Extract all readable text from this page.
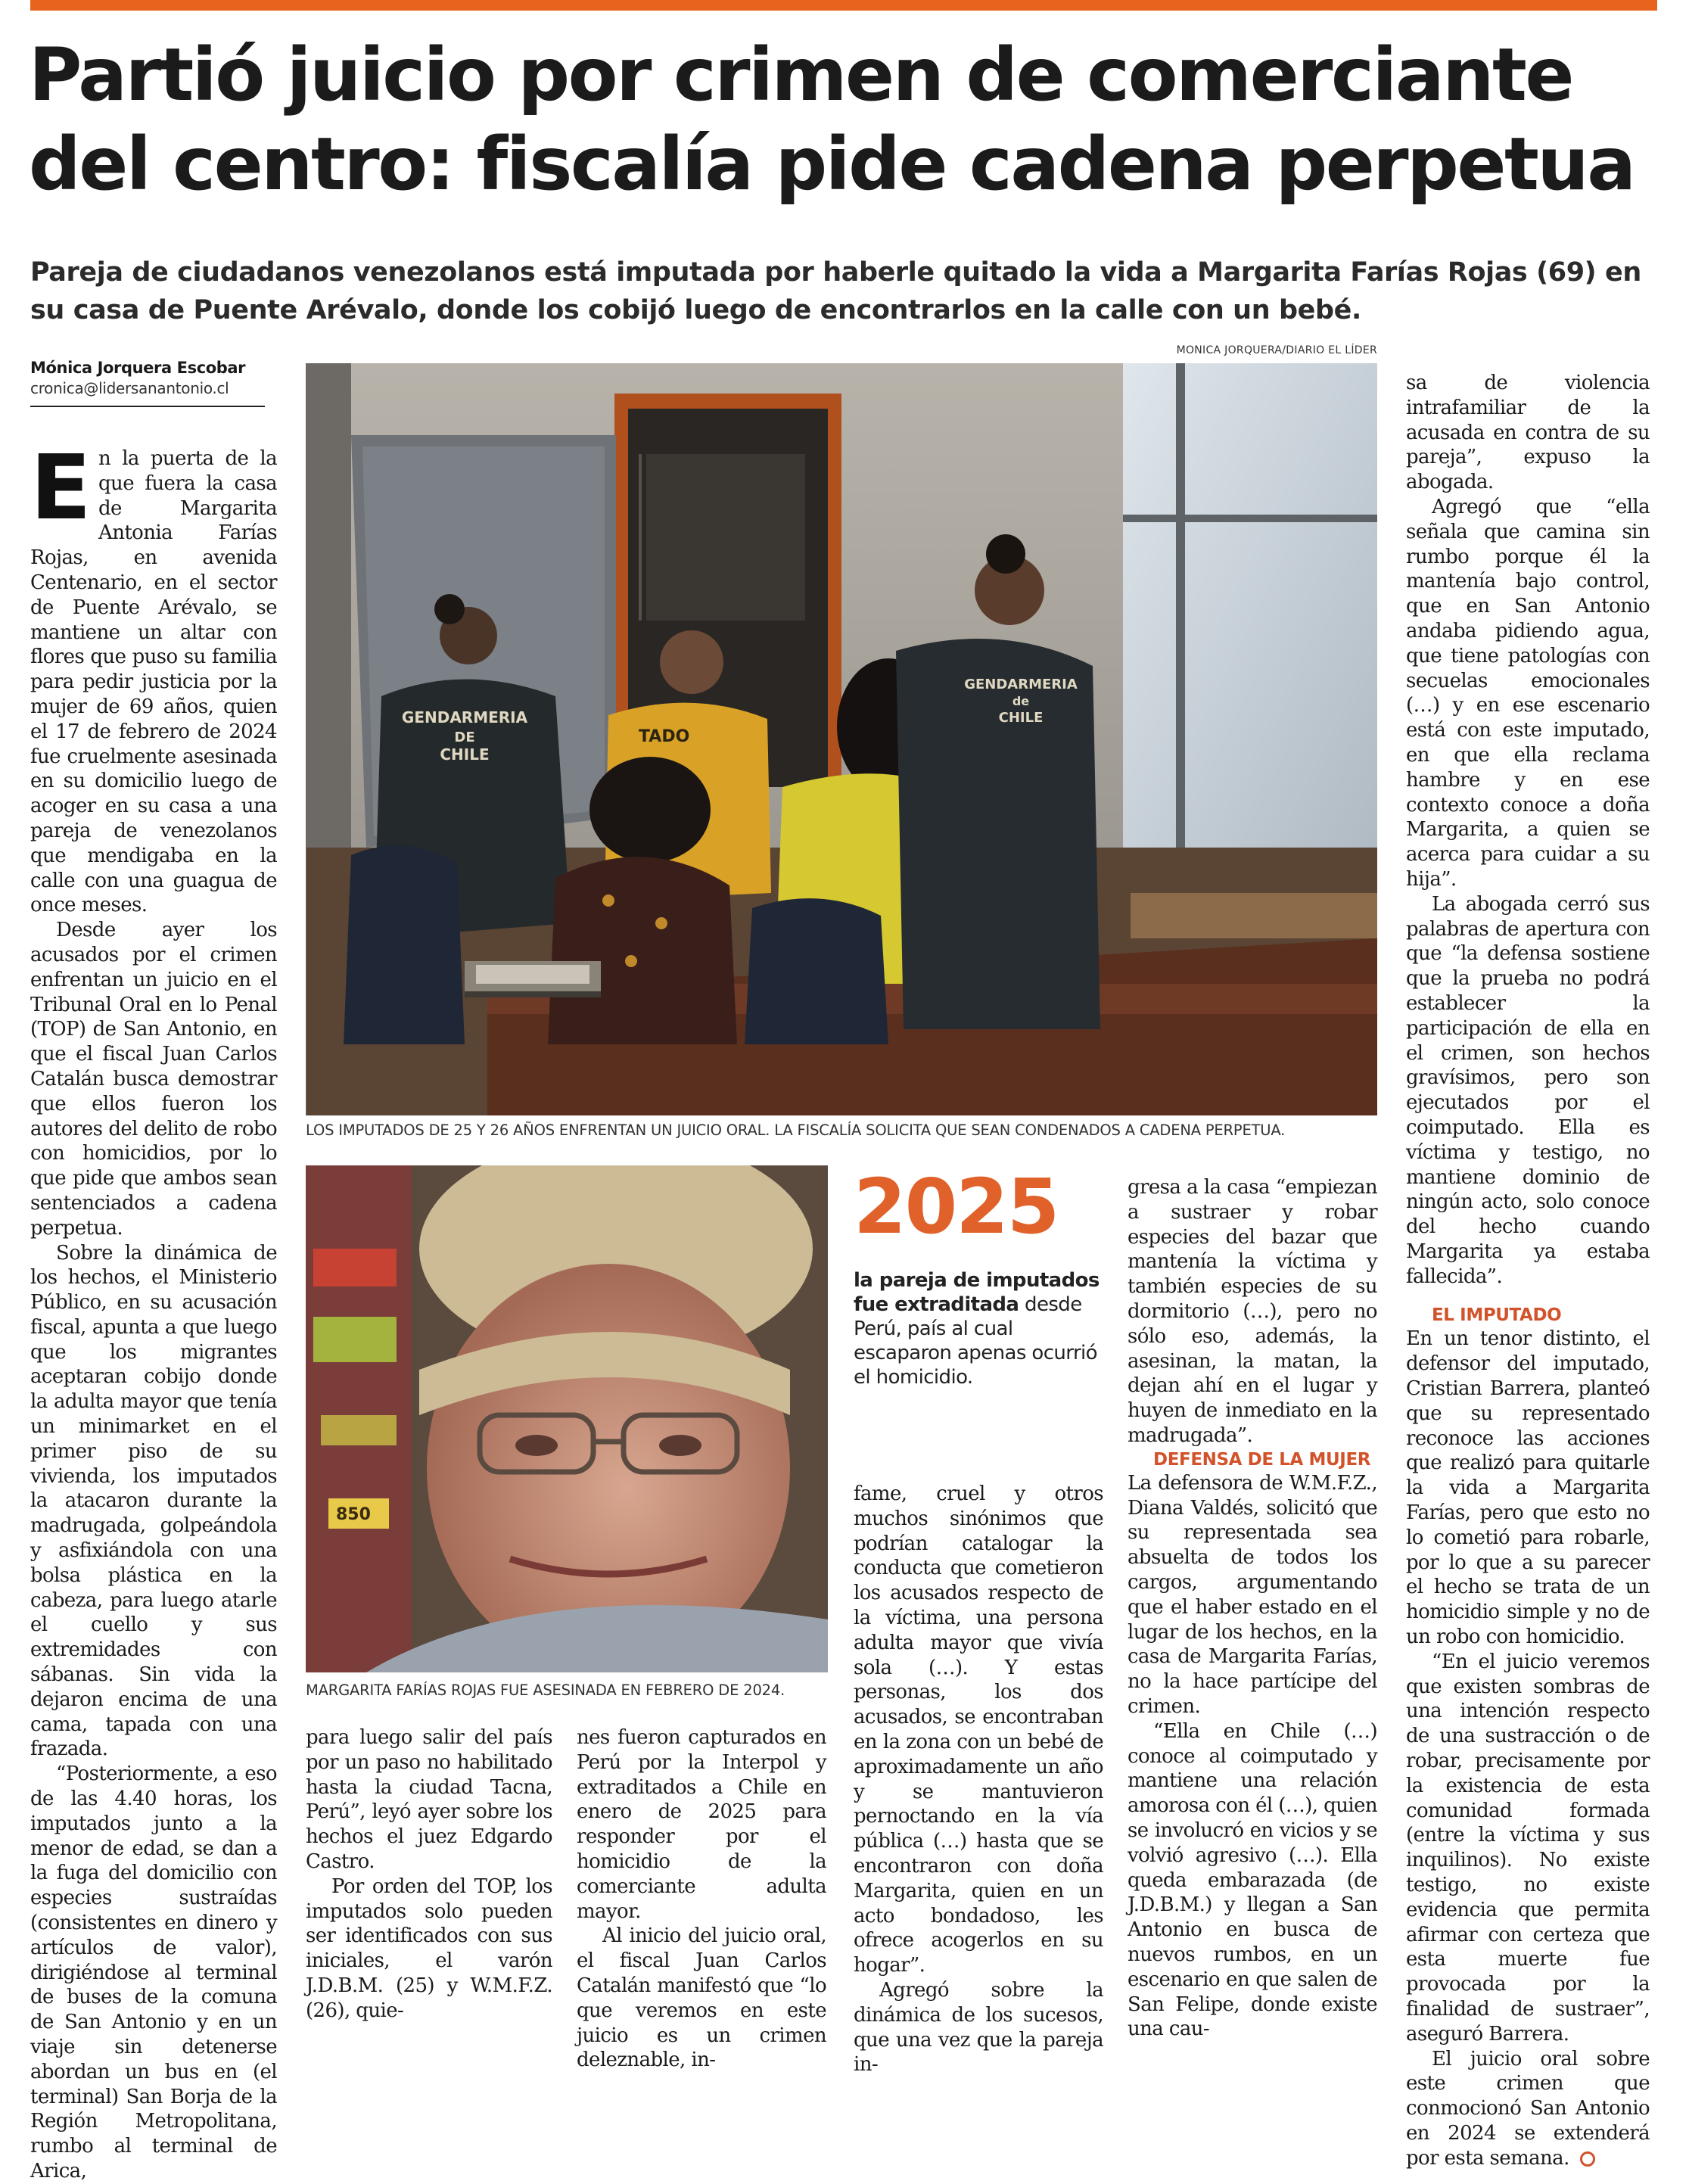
Partió juicio por crimen de comerciante
del centro: fiscalía pide cadena perpetua

Pareja de ciudadanos venezolanos está imputada por haberle quitado la vida a Margarita Farías Rojas (69) en su casa de Puente Arévalo, donde los cobijó luego de encontrarlos en la calle con un bebé.

Mónica Jorquera Escobar
cronica@lidersanantonio.cl

En la puerta de la que fuera la casa de Margarita Antonia Farías Rojas, en avenida Centenario, en el sector de Puente Arévalo, se mantiene un altar con flores que puso su familia para pedir justicia por la mujer de 69 años, quien el 17 de febrero de 2024 fue cruelmente asesinada en su domicilio luego de acoger en su casa a una pareja de venezolanos que mendigaba en la calle con una guagua de once meses.

Desde ayer los acusados por el crimen enfrentan un juicio en el Tribunal Oral en lo Penal (TOP) de San Antonio, en que el fiscal Juan Carlos Catalán busca demostrar que ellos fueron los autores del delito de robo con homicidios, por lo que pide que ambos sean sentenciados a cadena perpetua.

Sobre la dinámica de los hechos, el Ministerio Público, en su acusación fiscal, apunta a que luego que los migrantes aceptaran cobijo donde la adulta mayor que tenía un minimarket en el primer piso de su vivienda, los imputados la atacaron durante la madrugada, golpeándola y asfixiándola con una bolsa plástica en la cabeza, para luego atarle el cuello y sus extremidades con sábanas. Sin vida la dejaron encima de una cama, tapada con una frazada.

“Posteriormente, a eso de las 4.40 horas, los imputados junto a la menor de edad, se dan a la fuga del domicilio con especies sustraídas (consistentes en dinero y artículos de valor), dirigiéndose al terminal de buses de la comuna de San Antonio y en un viaje sin detenerse abordan un bus en (el terminal) San Borja de la Región Metropolitana, rumbo al terminal de Arica,

MONICA JORQUERA/DIARIO EL LÍDER
GENDARMERIA
DE
CHILE
TADO
GENDARMERIA
de
CHILE
LOS IMPUTADOS DE 25 Y 26 AÑOS ENFRENTAN UN JUICIO ORAL. LA FISCALÍA SOLICITA QUE SEAN CONDENADOS A CADENA PERPETUA.
850
MARGARITA FARÍAS ROJAS FUE ASESINADA EN FEBRERO DE 2024.
2025
la pareja de imputados fue extraditada desde Perú, país al cual escaparon apenas ocurrió el homicidio.

para luego salir del país por un paso no habilitado hasta la ciudad Tacna, Perú”, leyó ayer sobre los hechos el juez Edgardo Castro.

Por orden del TOP, los imputados solo pueden ser identificados con sus iniciales, el varón J.D.B.M. (25) y W.M.F.Z. (26), quie-

nes fueron capturados en Perú por la Interpol y extraditados a Chile en enero de 2025 para responder por el homicidio de la comerciante adulta mayor.

Al inicio del juicio oral, el fiscal Juan Carlos Catalán manifestó que “lo que veremos en este juicio es un crimen deleznable, in-

fame, cruel y otros muchos sinónimos que podrían catalogar la conducta que cometieron los acusados respecto de la víctima, una persona adulta mayor que vivía sola (…). Y estas personas, los dos acusados, se encontraban en la zona con un bebé de aproximadamente un año y se mantuvieron pernoctando en la vía pública (…) hasta que se encontraron con doña Margarita, quien en un acto bondadoso, les ofrece acogerlos en su hogar”.

Agregó sobre la dinámica de los sucesos, que una vez que la pareja in-

gresa a la casa “empiezan a sustraer y robar especies del bazar que mantenía la víctima y también especies de su dormitorio (…), pero no sólo eso, además, la asesinan, la matan, la dejan ahí en el lugar y huyen de inmediato en la madrugada”.

DEFENSA DE LA MUJER

La defensora de W.M.F.Z., Diana Valdés, solicitó que su representada sea absuelta de todos los cargos, argumentando que el haber estado en el lugar de los hechos, en la casa de Margarita Farías, no la hace partícipe del crimen.

“Ella en Chile (…) conoce al coimputado y mantiene una relación amorosa con él (…), quien se involucró en vicios y se volvió agresivo (…). Ella queda embarazada (de J.D.B.M.) y llegan a San Antonio en busca de nuevos rumbos, en un escenario en que salen de San Felipe, donde existe una cau-

sa de violencia intrafamiliar de la acusada en contra de su pareja”, expuso la abogada.

Agregó que “ella señala que camina sin rumbo porque él la mantenía bajo control, que en San Antonio andaba pidiendo agua, que tiene patologías con secuelas emocionales (…) y en ese escenario está con este imputado, en que ella reclama hambre y en ese contexto conoce a doña Margarita, a quien se acerca para cuidar a su hija”.

La abogada cerró sus palabras de apertura con que “la defensa sostiene que la prueba no podrá establecer la participación de ella en el crimen, son hechos gravísimos, pero son ejecutados por el coimputado. Ella es víctima y testigo, no mantiene dominio de ningún acto, solo conoce del hecho cuando Margarita ya estaba fallecida”.

EL IMPUTADO

En un tenor distinto, el defensor del imputado, Cristian Barrera, planteó que su representado reconoce las acciones que realizó para quitarle la vida a Margarita Farías, pero que esto no lo cometió para robarle, por lo que a su parecer el hecho se trata de un homicidio simple y no de un robo con homicidio.

“En el juicio veremos que existen sombras de una intención respecto de una sustracción o de robar, precisamente por la existencia de esta comunidad formada (entre la víctima y sus inquilinos). No existe testigo, no existe evidencia que permita afirmar con certeza que esta muerte fue provocada por la finalidad de sustraer”, aseguró Barrera.

El juicio oral sobre este crimen que conmocionó San Antonio en 2024 se extenderá por esta semana.
